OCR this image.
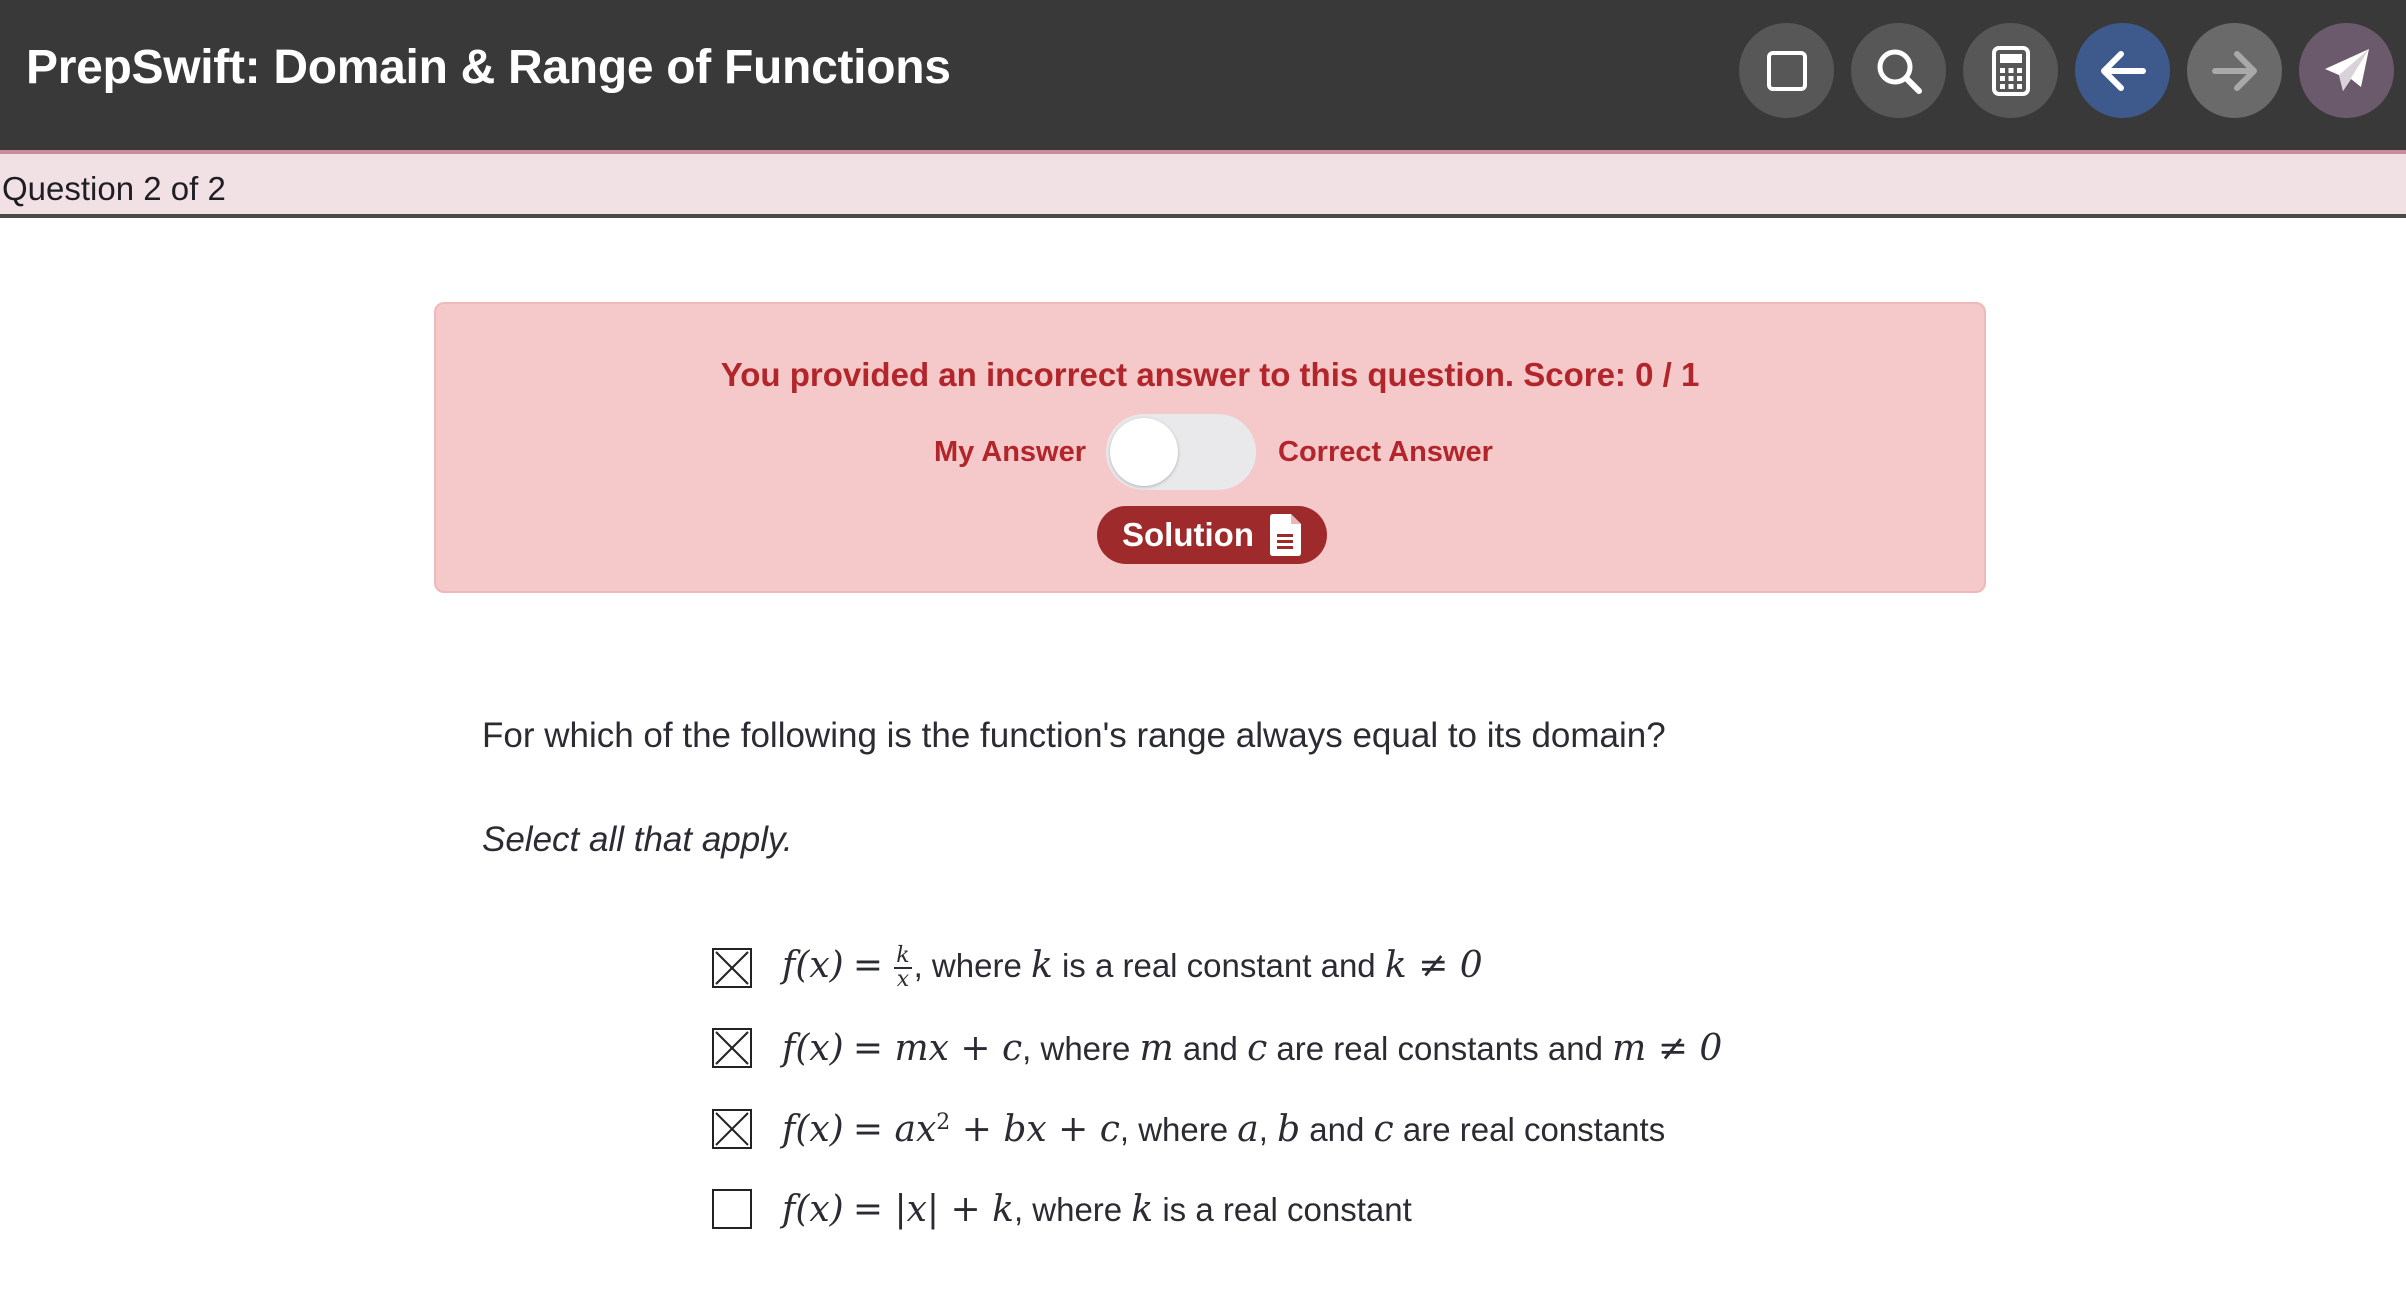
PrepSwift: Domain & Range of Functions
Question 2 of 2
You provided an incorrect answer to this question. Score: 0 / 1
My Answer	Correct Answer
Solution
For which of the following is the function's range always equal to its domain?
Select all that apply.
$f(x) = \frac{k}{x}$ , where k is a real constant and k ≠ 0
f(x) = mx + c, where m and c are real constants and m ≠ 0
$f(x) = ax^2$ + bx + c, where a, b and c are real constants
f(x) = |x| + k, where k is a real constant
